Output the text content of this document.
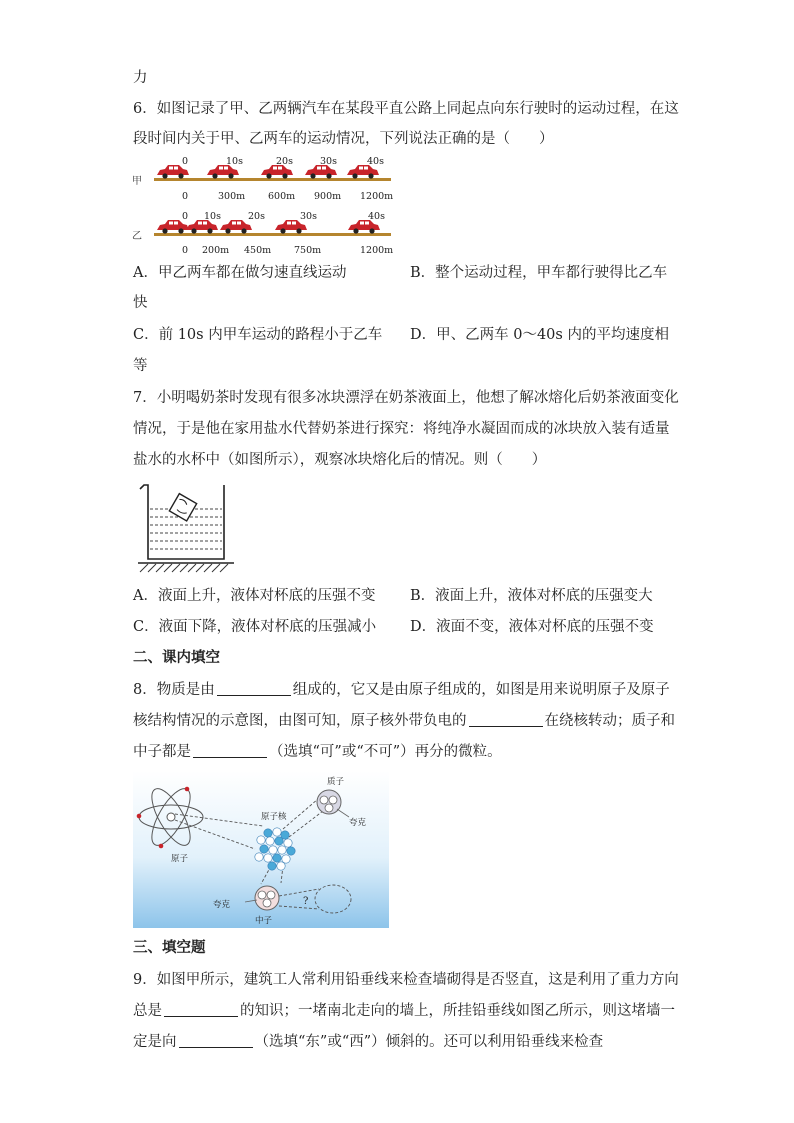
力
6．如图记录了甲、乙两辆汽车在某段平直公路上同起点向东行驶时的运动过程，在这
段时间内关于甲、乙两车的运动情况，下列说法正确的是（　　）
甲
0	10s	20s	30s	40s
0	300m 600m 900m 1200m
乙
0 10s	20s	30s	40s
0 200m 450m 750m	1200m
A．甲乙两车都在做匀速直线运动	B．整个运动过程，甲车都行驶得比乙车
快
C．前 10s 内甲车运动的路程小于乙车 D．甲、乙两车 0～40s 内的平均速度相
等
7．小明喝奶茶时发现有很多冰块漂浮在奶茶液面上，他想了解冰熔化后奶茶液面变化
情况，于是他在家用盐水代替奶茶进行探究：将纯净水凝固而成的冰块放入装有适量
盐水的水杯中（如图所示），观察冰块熔化后的情况。则（　　）
A．液面上升，液体对杯底的压强不变 B．液面上升，液体对杯底的压强变大
C．液面下降，液体对杯底的压强减小 D．液面不变，液体对杯底的压强不变
二、课内填空
8．物质是由	组成的，它又是由原子组成的，如图是用来说明原子及原子
核结构情况的示意图，由图可知，原子核外带负电的	在绕核转动；质子和
中子都是	（选填“可”或“不可”）再分的微粒。
原子
原子核
质子
夸克
夸克
中子
?
三、填空题
9．如图甲所示，建筑工人常利用铅垂线来检查墙砌得是否竖直，这是利用了重力方向
总是	的知识；一堵南北走向的墙上，所挂铅垂线如图乙所示，则这堵墙一
定是向	（选填“东”或“西”）倾斜的。还可以利用铅垂线来检查
